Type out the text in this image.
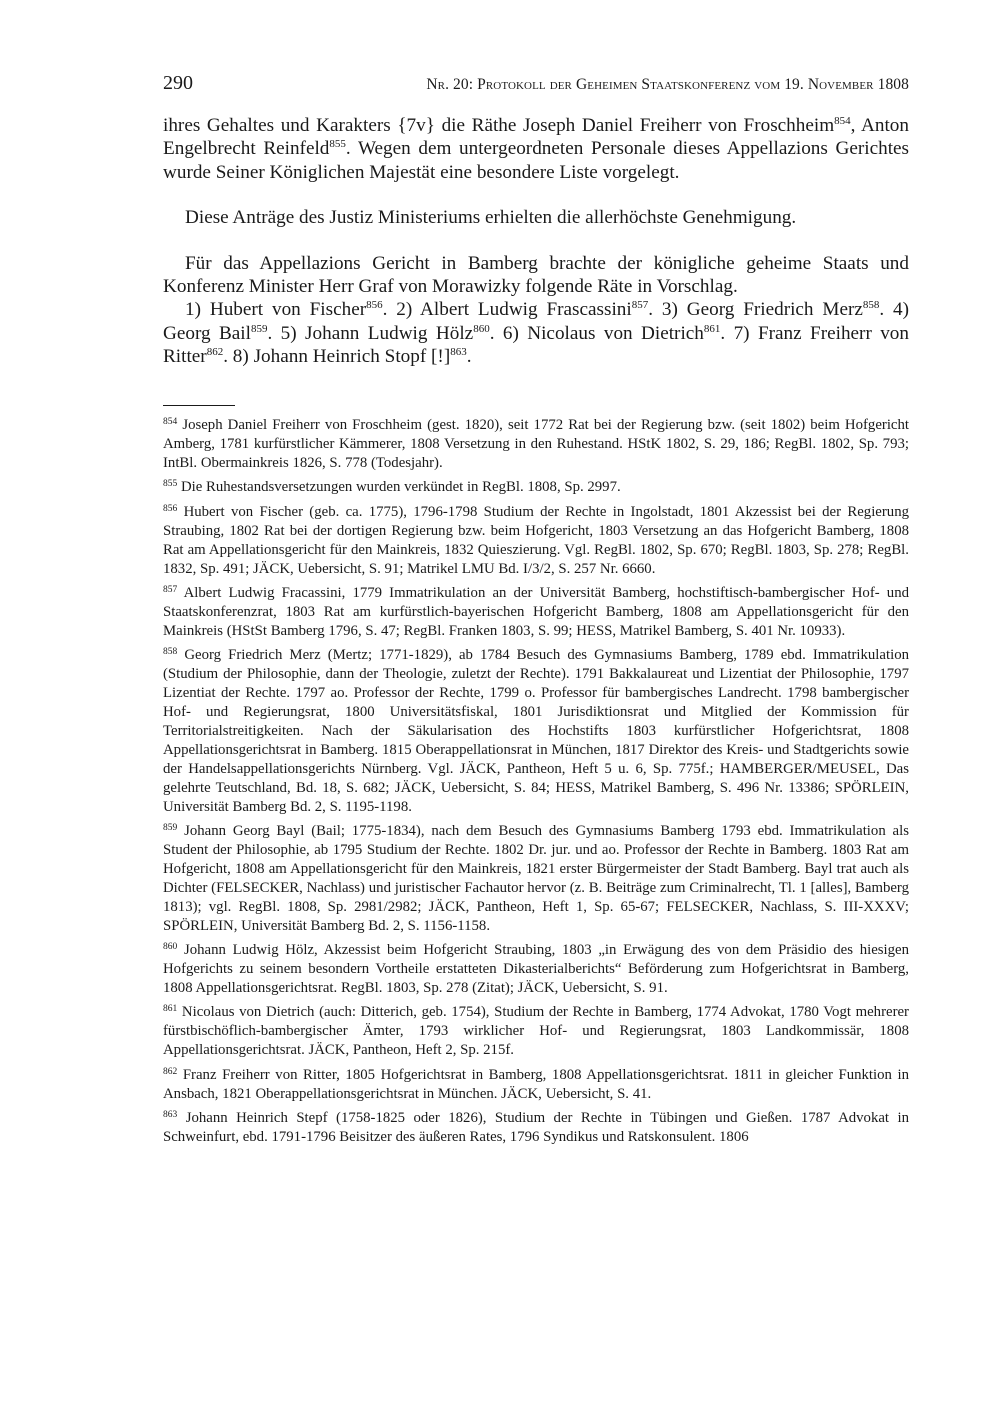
290	Nr. 20: Protokoll der Geheimen Staatskonferenz vom 19. November 1808

ihres Gehaltes und Karakters {7v} die Räthe Joseph Daniel Freiherr von Froschheim$^{854}$, Anton Engelbrecht Reinfeld$^{855}$. Wegen dem untergeordneten Personale dieses Appellazions Gerichtes wurde Seiner Königlichen Majestät eine besondere Liste vorgelegt.

Diese Anträge des Justiz Ministeriums erhielten die allerhöchste Genehmigung.

Für das Appellazions Gericht in Bamberg brachte der königliche geheime Staats und Konferenz Minister Herr Graf von Morawizky folgende Räte in Vorschlag.

1) Hubert von Fischer$^{856}$. 2) Albert Ludwig Frascassini$^{857}$. 3) Georg Friedrich Merz$^{858}$. 4) Georg Bail$^{859}$. 5) Johann Ludwig Hölz$^{860}$. 6) Nicolaus von Dietrich$^{861}$. 7) Franz Freiherr von Ritter$^{862}$. 8) Johann Heinrich Stopf [!]$^{863}$.

$^{854}$ Joseph Daniel Freiherr von Froschheim (gest. 1820), seit 1772 Rat bei der Regierung bzw. (seit 1802) beim Hofgericht Amberg, 1781 kurfürstlicher Kämmerer, 1808 Versetzung in den Ruhestand. HStK 1802, S. 29, 186; RegBl. 1802, Sp. 793; IntBl. Obermainkreis 1826, S. 778 (Todesjahr).
$^{855}$ Die Ruhestandsversetzungen wurden verkündet in RegBl. 1808, Sp. 2997.
$^{856}$ Hubert von Fischer (geb. ca. 1775), 1796-1798 Studium der Rechte in Ingolstadt, 1801 Akzessist bei der Regierung Straubing, 1802 Rat bei der dortigen Regierung bzw. beim Hofgericht, 1803 Versetzung an das Hofgericht Bamberg, 1808 Rat am Appellationsgericht für den Mainkreis, 1832 Quieszierung. Vgl. RegBl. 1802, Sp. 670; RegBl. 1803, Sp. 278; RegBl. 1832, Sp. 491; JÄCK, Uebersicht, S. 91; Matrikel LMU Bd. I/3/2, S. 257 Nr. 6660.
$^{857}$ Albert Ludwig Fracassini, 1779 Immatrikulation an der Universität Bamberg, hochstiftisch-bambergischer Hof- und Staatskonferenzrat, 1803 Rat am kurfürstlich-bayerischen Hofgericht Bamberg, 1808 am Appellationsgericht für den Mainkreis (HStSt Bamberg 1796, S. 47; RegBl. Franken 1803, S. 99; HESS, Matrikel Bamberg, S. 401 Nr. 10933).
$^{858}$ Georg Friedrich Merz (Mertz; 1771-1829), ab 1784 Besuch des Gymnasiums Bamberg, 1789 ebd. Immatrikulation (Studium der Philosophie, dann der Theologie, zuletzt der Rechte). 1791 Bakkalaureat und Lizentiat der Philosophie, 1797 Lizentiat der Rechte. 1797 ao. Professor der Rechte, 1799 o. Professor für bambergisches Landrecht. 1798 bambergischer Hof- und Regierungsrat, 1800 Universitätsfiskal, 1801 Jurisdiktionsrat und Mitglied der Kommission für Territorialstreitigkeiten. Nach der Säkularisation des Hochstifts 1803 kurfürstlicher Hofgerichtsrat, 1808 Appellationsgerichtsrat in Bamberg. 1815 Oberappellationsrat in München, 1817 Direktor des Kreis- und Stadtgerichts sowie der Handelsappellationsgerichts Nürnberg. Vgl. JÄCK, Pantheon, Heft 5 u. 6, Sp. 775f.; HAMBERGER/MEUSEL, Das gelehrte Teutschland, Bd. 18, S. 682; JÄCK, Uebersicht, S. 84; HESS, Matrikel Bamberg, S. 496 Nr. 13386; SPÖRLEIN, Universität Bamberg Bd. 2, S. 1195-1198.
$^{859}$ Johann Georg Bayl (Bail; 1775-1834), nach dem Besuch des Gymnasiums Bamberg 1793 ebd. Immatrikulation als Student der Philosophie, ab 1795 Studium der Rechte. 1802 Dr. jur. und ao. Professor der Rechte in Bamberg. 1803 Rat am Hofgericht, 1808 am Appellationsgericht für den Mainkreis, 1821 erster Bürgermeister der Stadt Bamberg. Bayl trat auch als Dichter (FELSECKER, Nachlass) und juristischer Fachautor hervor (z. B. Beiträge zum Criminalrecht, Tl. 1 [alles], Bamberg 1813); vgl. RegBl. 1808, Sp. 2981/2982; JÄCK, Pantheon, Heft 1, Sp. 65-67; FELSECKER, Nachlass, S. III-XXXV; SPÖRLEIN, Universität Bamberg Bd. 2, S. 1156-1158.
$^{860}$ Johann Ludwig Hölz, Akzessist beim Hofgericht Straubing, 1803 „in Erwägung des von dem Präsidio des hiesigen Hofgerichts zu seinem besondern Vortheile erstatteten Dikasterialberichts“ Beförderung zum Hofgerichtsrat in Bamberg, 1808 Appellationsgerichtsrat. RegBl. 1803, Sp. 278 (Zitat); JÄCK, Uebersicht, S. 91.
$^{861}$ Nicolaus von Dietrich (auch: Ditterich, geb. 1754), Studium der Rechte in Bamberg, 1774 Advokat, 1780 Vogt mehrerer fürstbischöflich-bambergischer Ämter, 1793 wirklicher Hof- und Regierungsrat, 1803 Landkommissär, 1808 Appellationsgerichtsrat. JÄCK, Pantheon, Heft 2, Sp. 215f.
$^{862}$ Franz Freiherr von Ritter, 1805 Hofgerichtsrat in Bamberg, 1808 Appellationsgerichtsrat. 1811 in gleicher Funktion in Ansbach, 1821 Oberappellationsgerichtsrat in München. JÄCK, Uebersicht, S. 41.
$^{863}$ Johann Heinrich Stepf (1758-1825 oder 1826), Studium der Rechte in Tübingen und Gießen. 1787 Advokat in Schweinfurt, ebd. 1791-1796 Beisitzer des äußeren Rates, 1796 Syndikus und Ratskonsulent. 1806
